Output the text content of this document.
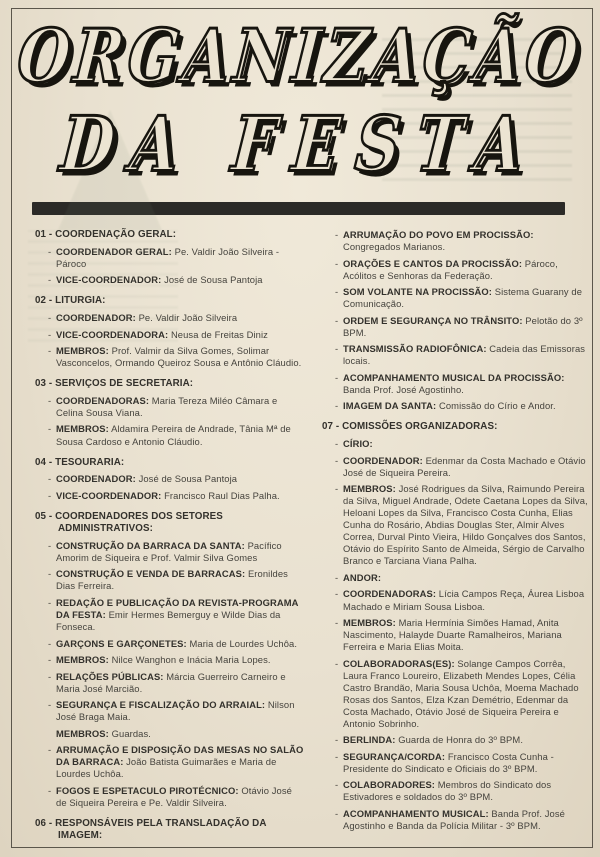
ORGANIZAÇÃO
DA FESTA

01 - COORDENAÇÃO GERAL:

- COORDENADOR GERAL: Pe. Valdir João Silveira - Pároco

- VICE-COORDENADOR: José de Sousa Pantoja

02 - LITURGIA:

- COORDENADOR: Pe. Valdir João Silveira

- VICE-COORDENADORA: Neusa de Freitas Diniz

- MEMBROS: Prof. Valmir da Silva Gomes, Solimar Vasconcelos, Ormando Queiroz Sousa e Antônio Cláudio.

03 - SERVIÇOS DE SECRETARIA:

- COORDENADORAS: Maria Tereza Miléo Câmara e Celina Sousa Viana.

- MEMBROS: Aldamira Pereira de Andrade, Tânia Mª de Sousa Cardoso e Antonio Cláudio.

04 - TESOURARIA:

- COORDENADOR: José de Sousa Pantoja

- VICE-COORDENADOR: Francisco Raul Dias Palha.

05 - COORDENADORES DOS SETORES ADMINISTRATIVOS:

- CONSTRUÇÃO DA BARRACA DA SANTA: Pacífico Amorim de Siqueira e Prof. Valmir Silva Gomes

- CONSTRUÇÃO E VENDA DE BARRACAS: Eronildes Dias Ferreira.

- REDAÇÃO E PUBLICAÇÃO DA REVISTA-PROGRAMA DA FESTA: Emir Hermes Bemerguy e Wilde Dias da Fonseca.

- GARÇONS E GARÇONETES: Maria de Lourdes Uchôa.

- MEMBROS: Nilce Wanghon e Inácia Maria Lopes.

- RELAÇÕES PÚBLICAS: Márcia Guerreiro Carneiro e Maria José Marcião.

- SEGURANÇA E FISCALIZAÇÃO DO ARRAIAL: Nilson José Braga Maia.

MEMBROS: Guardas.

- ARRUMAÇÃO E DISPOSIÇÃO DAS MESAS NO SALÃO DA BARRACA: João Batista Guimarães e Maria de Lourdes Uchôa.

- FOGOS E ESPETACULO PIROTÉCNICO: Otávio José de Siqueira Pereira e Pe. Valdir Silveira.

06 - RESPONSÁVEIS PELA TRANSLADAÇÃO DA IMAGEM:

- ARRUMAÇÃO DO POVO EM PROCISSÃO: Congregados Marianos.

- ORAÇÕES E CANTOS DA PROCISSÃO: Pároco, Acólitos e Senhoras da Federação.

- SOM VOLANTE NA PROCISSÃO: Sistema Guarany de Comunicação.

- ORDEM E SEGURANÇA NO TRÂNSITO: Pelotão do 3º BPM.

- TRANSMISSÃO RADIOFÔNICA: Cadeia das Emissoras locais.

- ACOMPANHAMENTO MUSICAL DA PROCISSÃO: Banda Prof. José Agostinho.

- IMAGEM DA SANTA: Comissão do Círio e Andor.

07 - COMISSÕES ORGANIZADORAS:

- CÍRIO:

- COORDENADOR: Edenmar da Costa Machado e Otávio José de Siqueira Pereira.

- MEMBROS: José Rodrigues da Silva, Raimundo Pereira da Silva, Miguel Andrade, Odete Caetana Lopes da Silva, Heloani Lopes da Silva, Francisco Costa Cunha, Elias Cunha do Rosário, Abdias Douglas Ster, Almir Alves Correa, Durval Pinto Vieira, Hildo Gonçalves dos Santos, Otávio do Espírito Santo de Almeida, Sérgio de Carvalho Branco e Tarciana Viana Palha.

- ANDOR:

- COORDENADORAS: Lícia Campos Reça, Áurea Lisboa Machado e Miriam Sousa Lisboa.

- MEMBROS: Maria Hermínia Simões Hamad, Anita Nascimento, Halayde Duarte Ramalheiros, Mariana Ferreira e Maria Elias Moita.

- COLABORADORAS(ES): Solange Campos Corrêa, Laura Franco Loureiro, Elizabeth Mendes Lopes, Célia Castro Brandão, Maria Sousa Uchôa, Moema Machado Rosas dos Santos, Elza Kzan Demétrio, Edenmar da Costa Machado, Otávio José de Siqueira Pereira e Antonio Sobrinho.

- BERLINDA: Guarda de Honra do 3º BPM.

- SEGURANÇA/CORDA: Francisco Costa Cunha - Presidente do Sindicato e Oficiais do 3º BPM.

- COLABORADORES: Membros do Sindicato dos Estivadores e soldados do 3º BPM.

- ACOMPANHAMENTO MUSICAL: Banda Prof. José Agostinho e Banda da Polícia Militar - 3º BPM.
